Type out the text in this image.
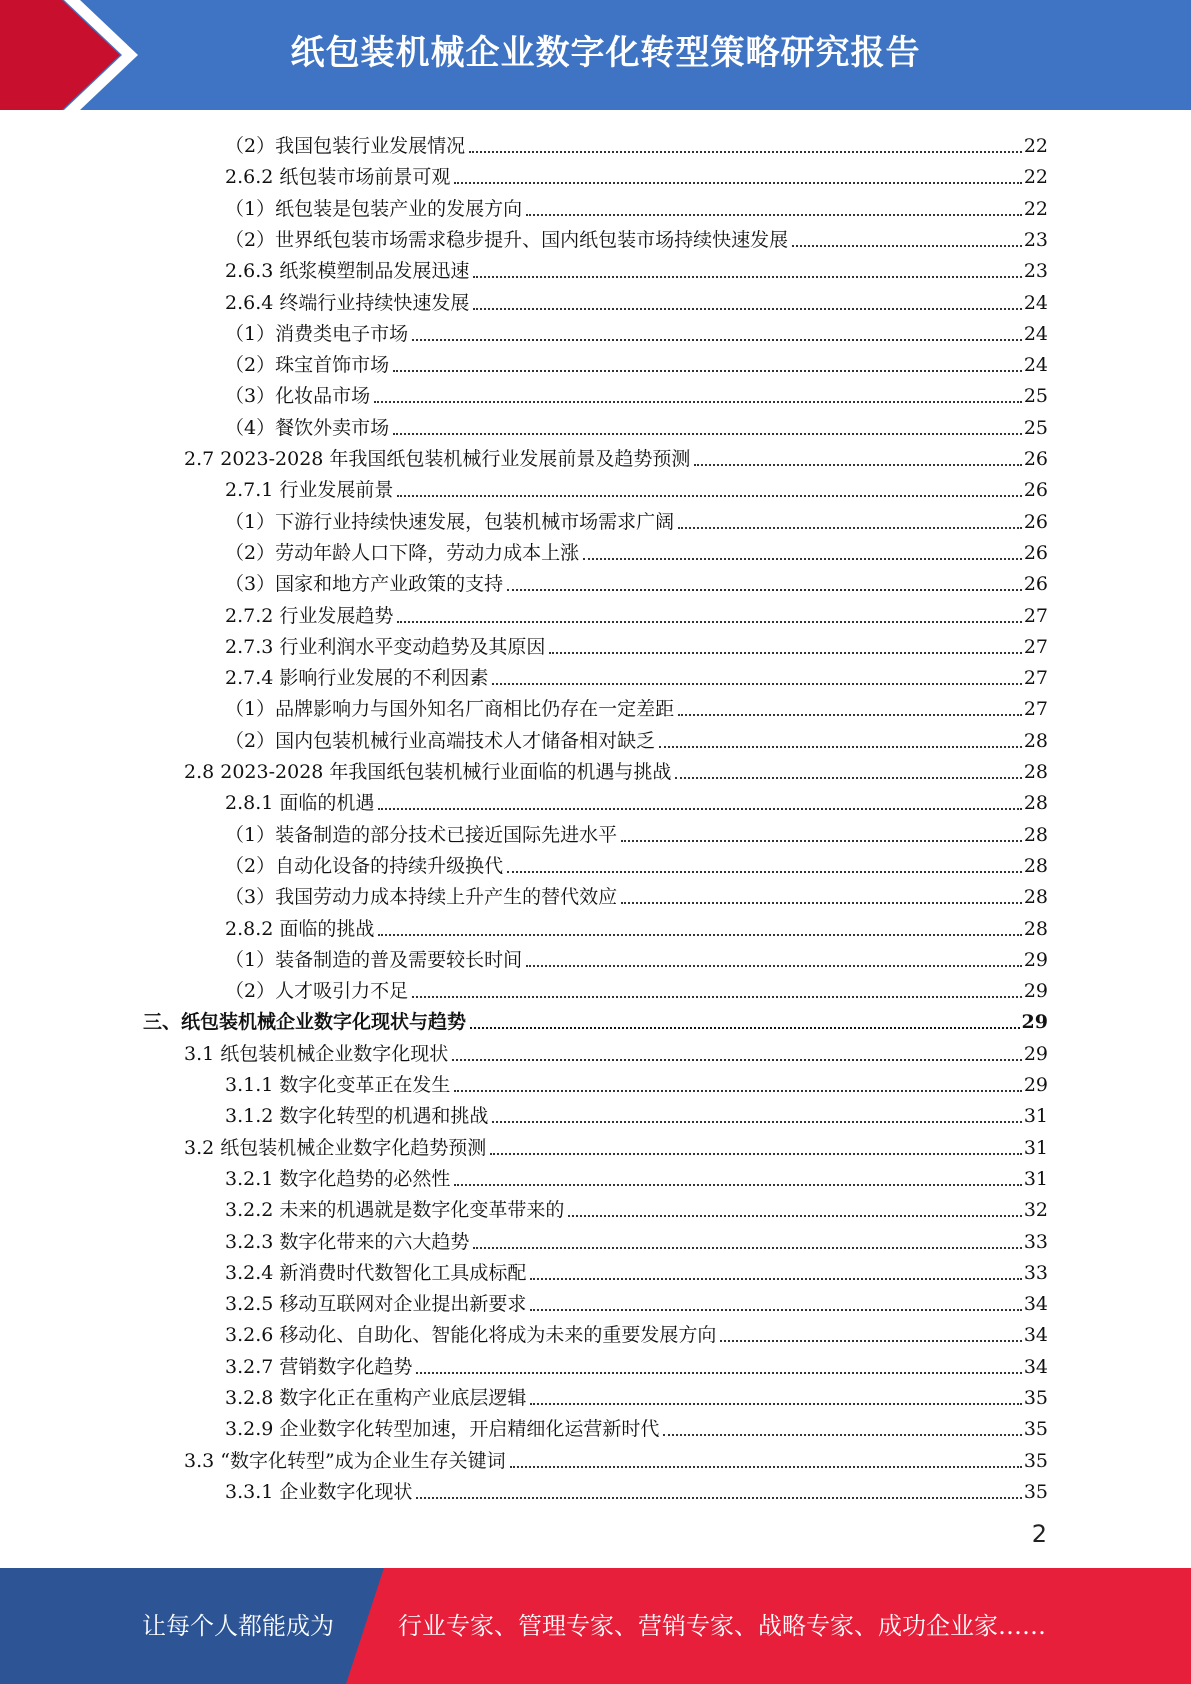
纸包装机械企业数字化转型策略研究报告
（2）我国包装行业发展情况	22
2.6.2 纸包装市场前景可观	22
（1）纸包装是包装产业的发展方向	22
（2）世界纸包装市场需求稳步提升、国内纸包装市场持续快速发展	23
2.6.3 纸浆模塑制品发展迅速	23
2.6.4 终端行业持续快速发展	24
（1）消费类电子市场	24
（2）珠宝首饰市场	24
（3）化妆品市场	25
（4）餐饮外卖市场	25
2.7 2023-2028 年我国纸包装机械行业发展前景及趋势预测	26
2.7.1 行业发展前景	26
（1）下游行业持续快速发展，包装机械市场需求广阔	26
（2）劳动年龄人口下降，劳动力成本上涨	26
（3）国家和地方产业政策的支持	26
2.7.2 行业发展趋势	27
2.7.3 行业利润水平变动趋势及其原因	27
2.7.4 影响行业发展的不利因素	27
（1）品牌影响力与国外知名厂商相比仍存在一定差距	27
（2）国内包装机械行业高端技术人才储备相对缺乏	28
2.8 2023-2028 年我国纸包装机械行业面临的机遇与挑战	28
2.8.1 面临的机遇	28
（1）装备制造的部分技术已接近国际先进水平	28
（2）自动化设备的持续升级换代	28
（3）我国劳动力成本持续上升产生的替代效应	28
2.8.2 面临的挑战	28
（1）装备制造的普及需要较长时间	29
（2）人才吸引力不足	29
三、纸包装机械企业数字化现状与趋势	29
3.1 纸包装机械企业数字化现状	29
3.1.1 数字化变革正在发生	29
3.1.2 数字化转型的机遇和挑战	31
3.2 纸包装机械企业数字化趋势预测	31
3.2.1 数字化趋势的必然性	31
3.2.2 未来的机遇就是数字化变革带来的	32
3.2.3 数字化带来的六大趋势	33
3.2.4 新消费时代数智化工具成标配	33
3.2.5 移动互联网对企业提出新要求	34
3.2.6 移动化、自助化、智能化将成为未来的重要发展方向	34
3.2.7 营销数字化趋势	34
3.2.8 数字化正在重构产业底层逻辑	35
3.2.9 企业数字化转型加速，开启精细化运营新时代	35
3.3 “数字化转型”成为企业生存关键词	35
3.3.1 企业数字化现状	35
2
让每个人都能成为	行业专家、管理专家、营销专家、战略专家、成功企业家……
